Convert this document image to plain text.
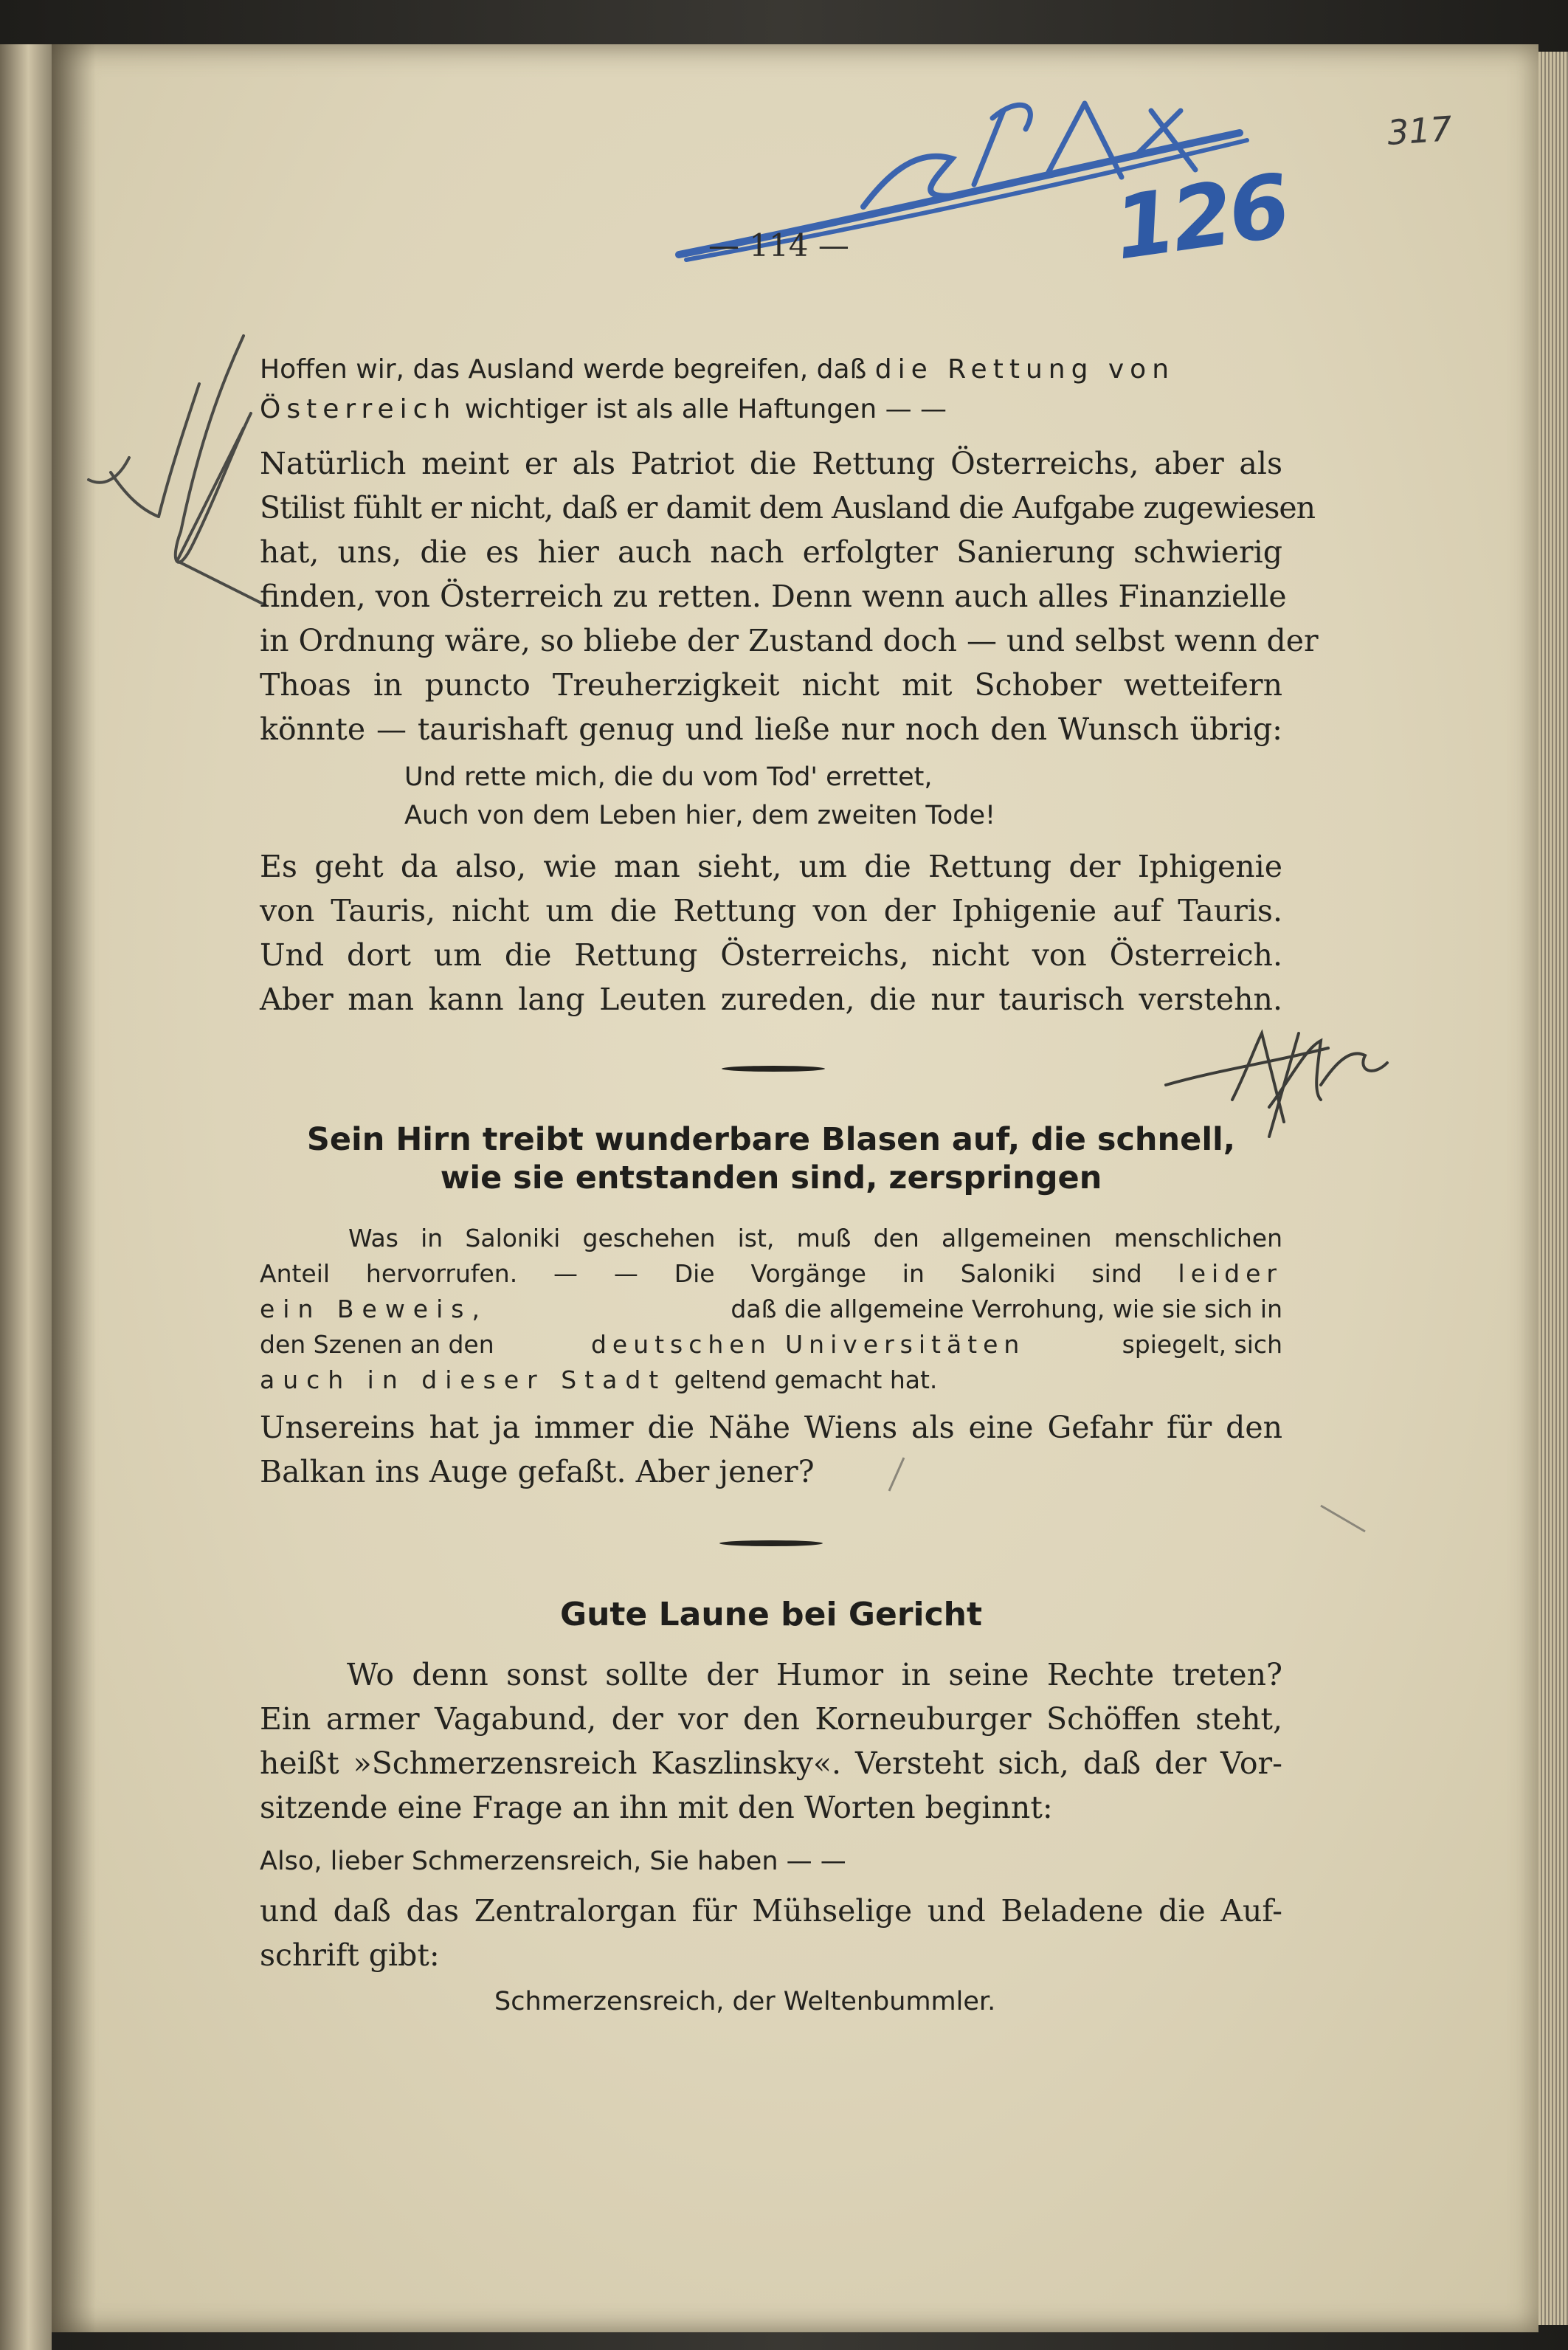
317
126
— 114 —
Hoffen wir, das Ausland werde begreifen, daß die Rettung von
Österreich wichtiger ist als alle Haftungen — —
Natürlich meint er als Patriot die Rettung Österreichs, aber als
Stilist fühlt er nicht, daß er damit dem Ausland die Aufgabe zugewiesen
hat, uns, die es hier auch nach erfolgter Sanierung schwierig
finden, von Österreich zu retten. Denn wenn auch alles Finanzielle
in Ordnung wäre, so bliebe der Zustand doch — und selbst wenn der
Thoas in puncto Treuherzigkeit nicht mit Schober wetteifern
könnte — taurishaft genug und ließe nur noch den Wunsch übrig:
Und rette mich, die du vom Tod' errettet,
Auch von dem Leben hier, dem zweiten Tode!
Es geht da also, wie man sieht, um die Rettung der Iphigenie
von Tauris, nicht um die Rettung von der Iphigenie auf Tauris.
Und dort um die Rettung Österreichs, nicht von Österreich.
Aber man kann lang Leuten zureden, die nur taurisch verstehn.
Sein Hirn treibt wunderbare Blasen auf, die schnell,
wie sie entstanden sind, zerspringen
Was in Saloniki geschehen ist, muß den allgemeinen menschlichen
Anteil hervorrufen. — — Die Vorgänge in Saloniki sind leider
ein Beweis,	daß die allgemeine Verrohung, wie sie sich in
den Szenen an den	deutschen Universitäten	spiegelt, sich
auch in dieser Stadt geltend gemacht hat.
Unsereins hat ja immer die Nähe Wiens als eine Gefahr für den
Balkan ins Auge gefaßt. Aber jener?
Gute Laune bei Gericht
Wo denn sonst sollte der Humor in seine Rechte treten?
Ein armer Vagabund, der vor den Korneuburger Schöffen steht,
heißt »Schmerzensreich Kaszlinsky«. Versteht sich, daß der Vor-
sitzende eine Frage an ihn mit den Worten beginnt:
Also, lieber Schmerzensreich, Sie haben — —
und daß das Zentralorgan für Mühselige und Beladene die Auf-
schrift gibt:
Schmerzensreich, der Weltenbummler.
